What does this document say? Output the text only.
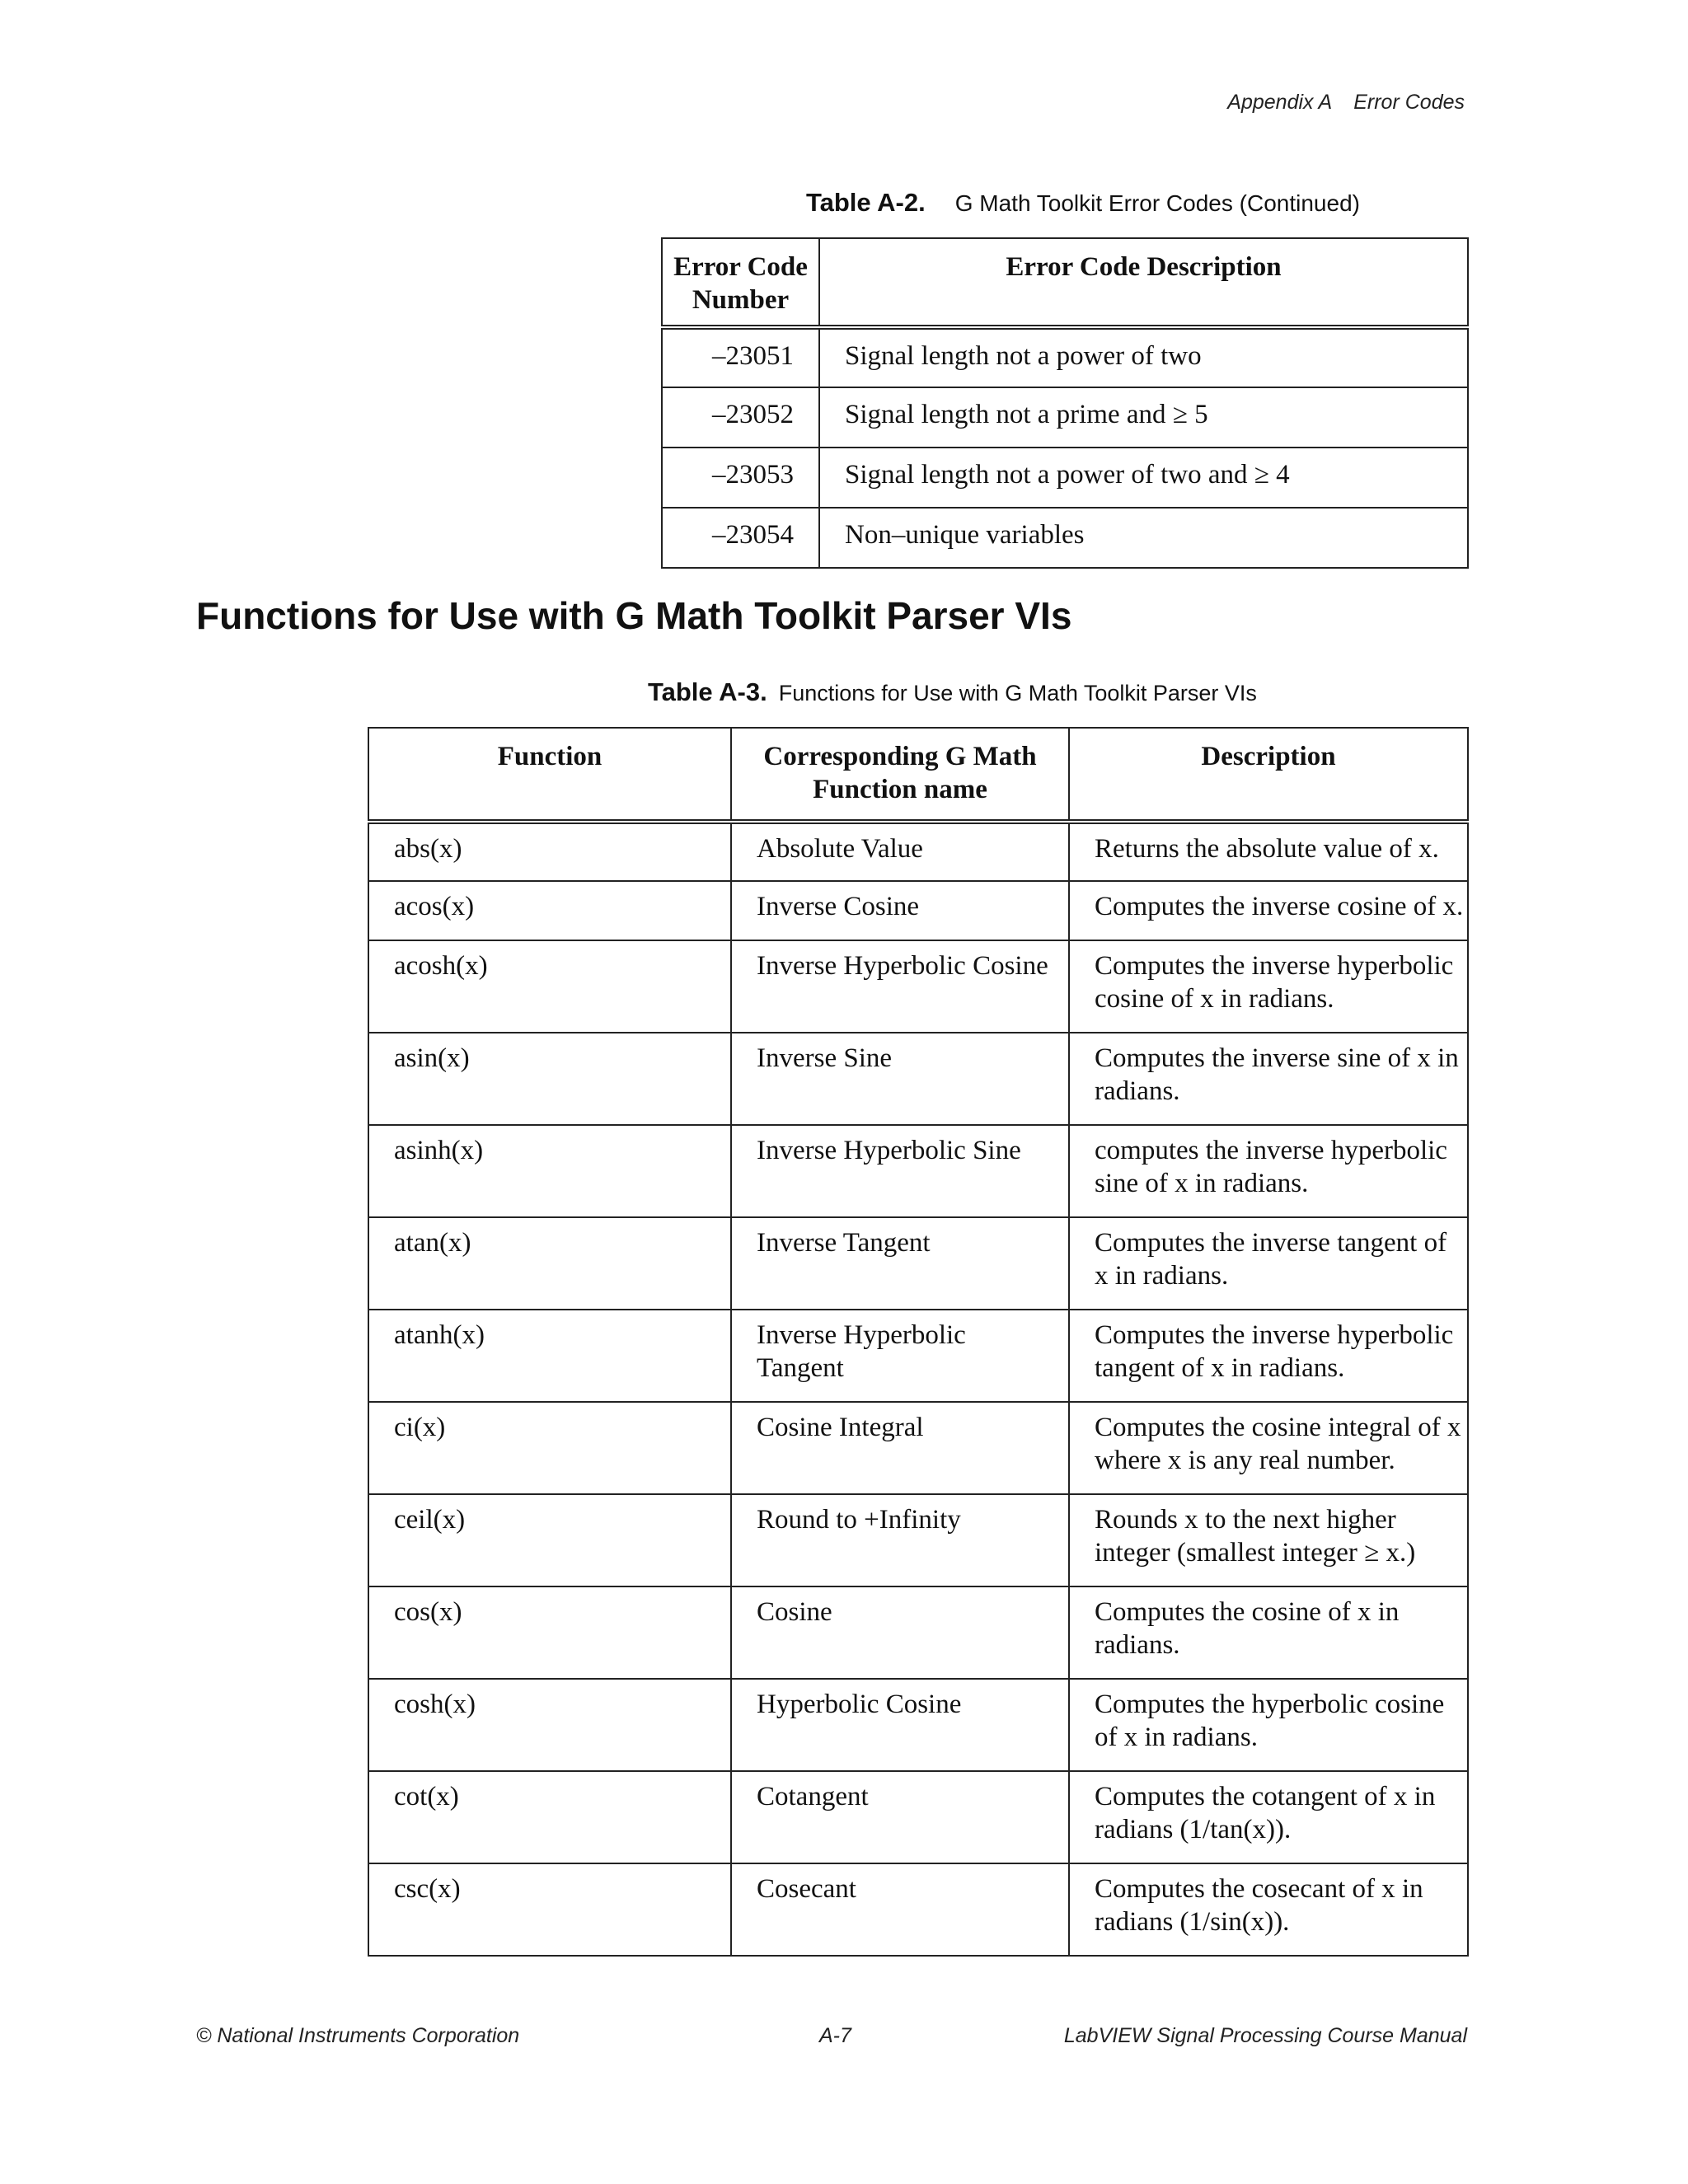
Appendix A Error Codes
Table A-2. G Math Toolkit Error Codes (Continued)
Error Code Number	Error Code Description
–23051	Signal length not a power of two
–23052	Signal length not a prime and ≥ 5
–23053	Signal length not a power of two and ≥ 4
–23054	Non–unique variables
Functions for Use with G Math Toolkit Parser VIs
Table A-3. Functions for Use with G Math Toolkit Parser VIs
Function	Corresponding G Math Function name	Description
abs(x)	Absolute Value	Returns the absolute value of x.
acos(x)	Inverse Cosine	Computes the inverse cosine of x.
acosh(x)	Inverse Hyperbolic Cosine	Computes the inverse hyperbolic cosine of x in radians.
asin(x)	Inverse Sine	Computes the inverse sine of x in radians.
asinh(x)	Inverse Hyperbolic Sine	computes the inverse hyperbolic sine of x in radians.
atan(x)	Inverse Tangent	Computes the inverse tangent of x in radians.
atanh(x)	Inverse Hyperbolic Tangent	Computes the inverse hyperbolic tangent of x in radians.
ci(x)	Cosine Integral	Computes the cosine integral of x where x is any real number.
ceil(x)	Round to +Infinity	Rounds x to the next higher integer (smallest integer ≥ x.)
cos(x)	Cosine	Computes the cosine of x in radians.
cosh(x)	Hyperbolic Cosine	Computes the hyperbolic cosine of x in radians.
cot(x)	Cotangent	Computes the cotangent of x in radians (1/tan(x)).
csc(x)	Cosecant	Computes the cosecant of x in radians (1/sin(x)).
© National Instruments Corporation	A-7	LabVIEW Signal Processing Course Manual
